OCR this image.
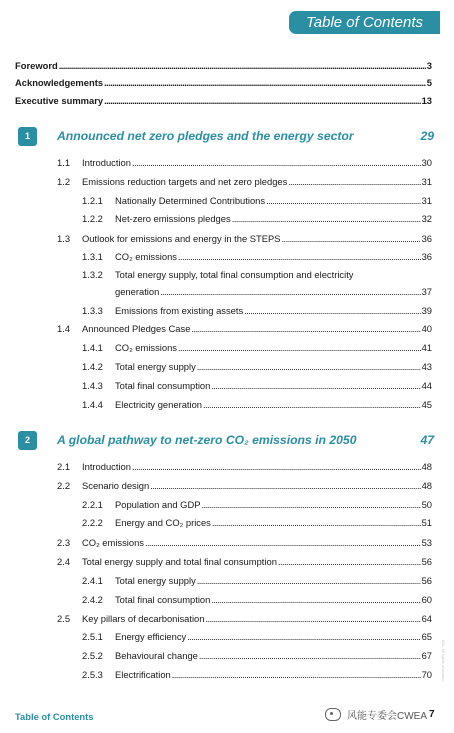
Table of Contents
Foreword . . .	3
Acknowledgements . . .	5
Executive summary . . .	13
1	Announced net zero pledges and the energy sector	29
1.1	Introduction . . .	30
1.2	Emissions reduction targets and net zero pledges . . .	31
1.2.1	Nationally Determined Contributions . . .	31
1.2.2	Net-zero emissions pledges . . .	32
1.3	Outlook for emissions and energy in the STEPS . . .	36
1.3.1	CO₂ emissions . . .	36
1.3.2 Total energy supply, total final consumption and electricity
generation . . .	37
1.3.3	Emissions from existing assets . . .	39
1.4	Announced Pledges Case . . .	40
1.4.1	CO₂ emissions . . .	41
1.4.2	Total energy supply . . .	43
1.4.3	Total final consumption . . .	44
1.4.4	Electricity generation . . .	45
2	A global pathway to net-zero CO₂ emissions in 2050	47
2.1	Introduction . . .	48
2.2	Scenario design . . .	48
2.2.1	Population and GDP . . .	50
2.2.2	Energy and CO₂ prices . . .	51
2.3	CO₂ emissions . . .	53
2.4	Total energy supply and total final consumption . . .	56
2.4.1	Total energy supply . . .	56
2.4.2	Total final consumption . . .	60
2.5	Key pillars of decarbonisation . . .	64
2.5.1	Energy efficiency . . .	65
2.5.2	Behavioural change . . .	67
2.5.3	Electrification . . .	70
Table of Contents	风能专委会CWEA 7
IEA. All rights reserved.
